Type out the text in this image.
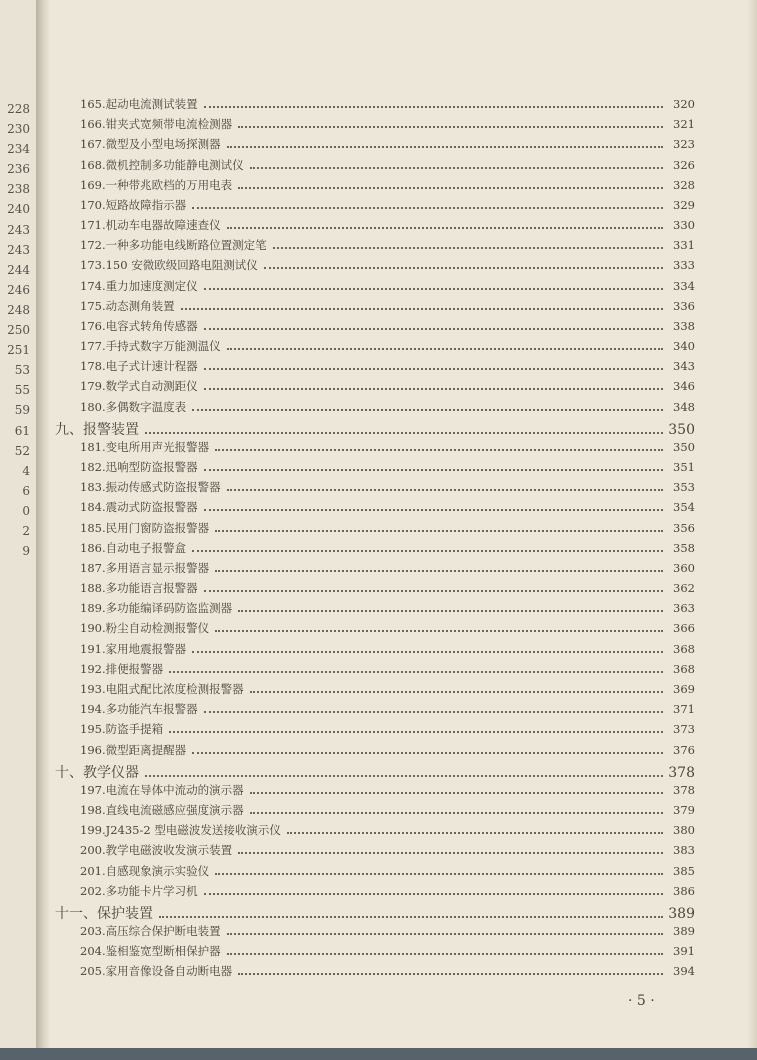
228
230
234
236
238
240
243
243
244
246
248
250
251
53
55
59
61
52
4
6
0
2
9
165.起动电流测试装置	320
166.钳夹式宽频带电流检测器	321
167.微型及小型电场探测器	323
168.微机控制多功能静电测试仪	326
169.一种带兆欧档的万用电表	328
170.短路故障指示器	329
171.机动车电器故障速查仪	330
172.一种多功能电线断路位置测定笔	331
173.150 安微欧级回路电阻测试仪	333
174.重力加速度测定仪	334
175.动态测角装置	336
176.电容式转角传感器	338
177.手持式数字万能测温仪	340
178.电子式计速计程器	343
179.数学式自动测距仪	346
180.多偶数字温度表	348
九、报警装置	350
181.变电所用声光报警器	350
182.迅响型防盗报警器	351
183.振动传感式防盗报警器	353
184.震动式防盗报警器	354
185.民用门窗防盗报警器	356
186.自动电子报警盒	358
187.多用语言显示报警器	360
188.多功能语言报警器	362
189.多功能编译码防盗监测器	363
190.粉尘自动检测报警仪	366
191.家用地震报警器	368
192.排便报警器	368
193.电阻式配比浓度检测报警器	369
194.多功能汽车报警器	371
195.防盗手提箱	373
196.微型距离提醒器	376
十、教学仪器	378
197.电流在导体中流动的演示器	378
198.直线电流磁感应强度演示器	379
199.J2435-2 型电磁波发送接收演示仪	380
200.教学电磁波收发演示装置	383
201.自感现象演示实验仪	385
202.多功能卡片学习机	386
十一、保护装置	389
203.高压综合保护断电装置	389
204.鉴相鉴宽型断相保护器	391
205.家用音像设备自动断电器	394
· 5 ·
